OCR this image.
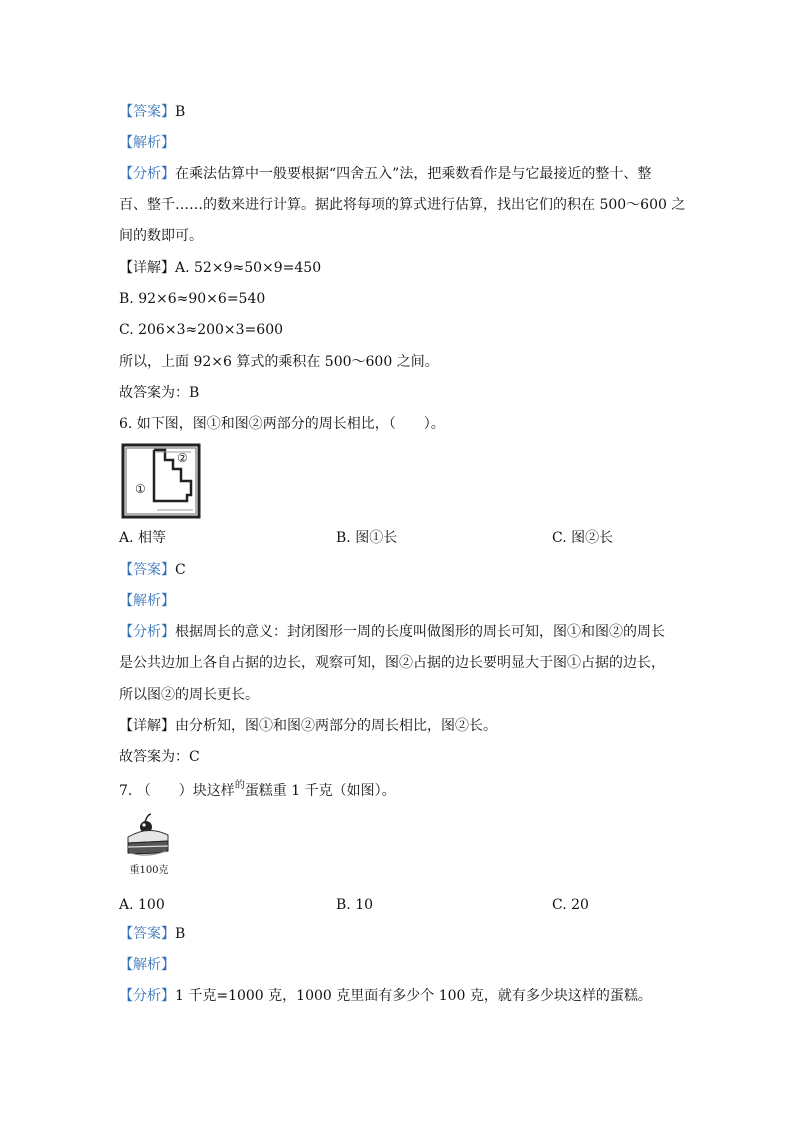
【答案】B
【解析】
【分析】在乘法估算中一般要根据“四舍五入”法，把乘数看作是与它最接近的整十、整
百、整千……的数来进行计算。据此将每项的算式进行估算，找出它们的积在 500～600 之
间的数即可。
【详解】A. 52×9≈50×9=450
B. 92×6≈90×6=540
C. 206×3≈200×3=600
所以，上面 92×6 算式的乘积在 500～600 之间。
故答案为：B
6. 如下图，图①和图②两部分的周长相比，（　　）。
①
②
A. 相等	B. 图①长	C. 图②长
【答案】C
【解析】
【分析】根据周长的意义：封闭图形一周的长度叫做图形的周长可知，图①和图②的周长
是公共边加上各自占据的边长，观察可知，图②占据的边长要明显大于图①占据的边长，
所以图②的周长更长。
【详解】由分析知，图①和图②两部分的周长相比，图②长。
故答案为：C
7. （　　）块这样$^的$蛋糕重 1 千克（如图）。
重100克
A. 100	B. 10	C. 20
【答案】B
【解析】
【分析】1 千克=1000 克，1000 克里面有多少个 100 克，就有多少块这样的蛋糕。
